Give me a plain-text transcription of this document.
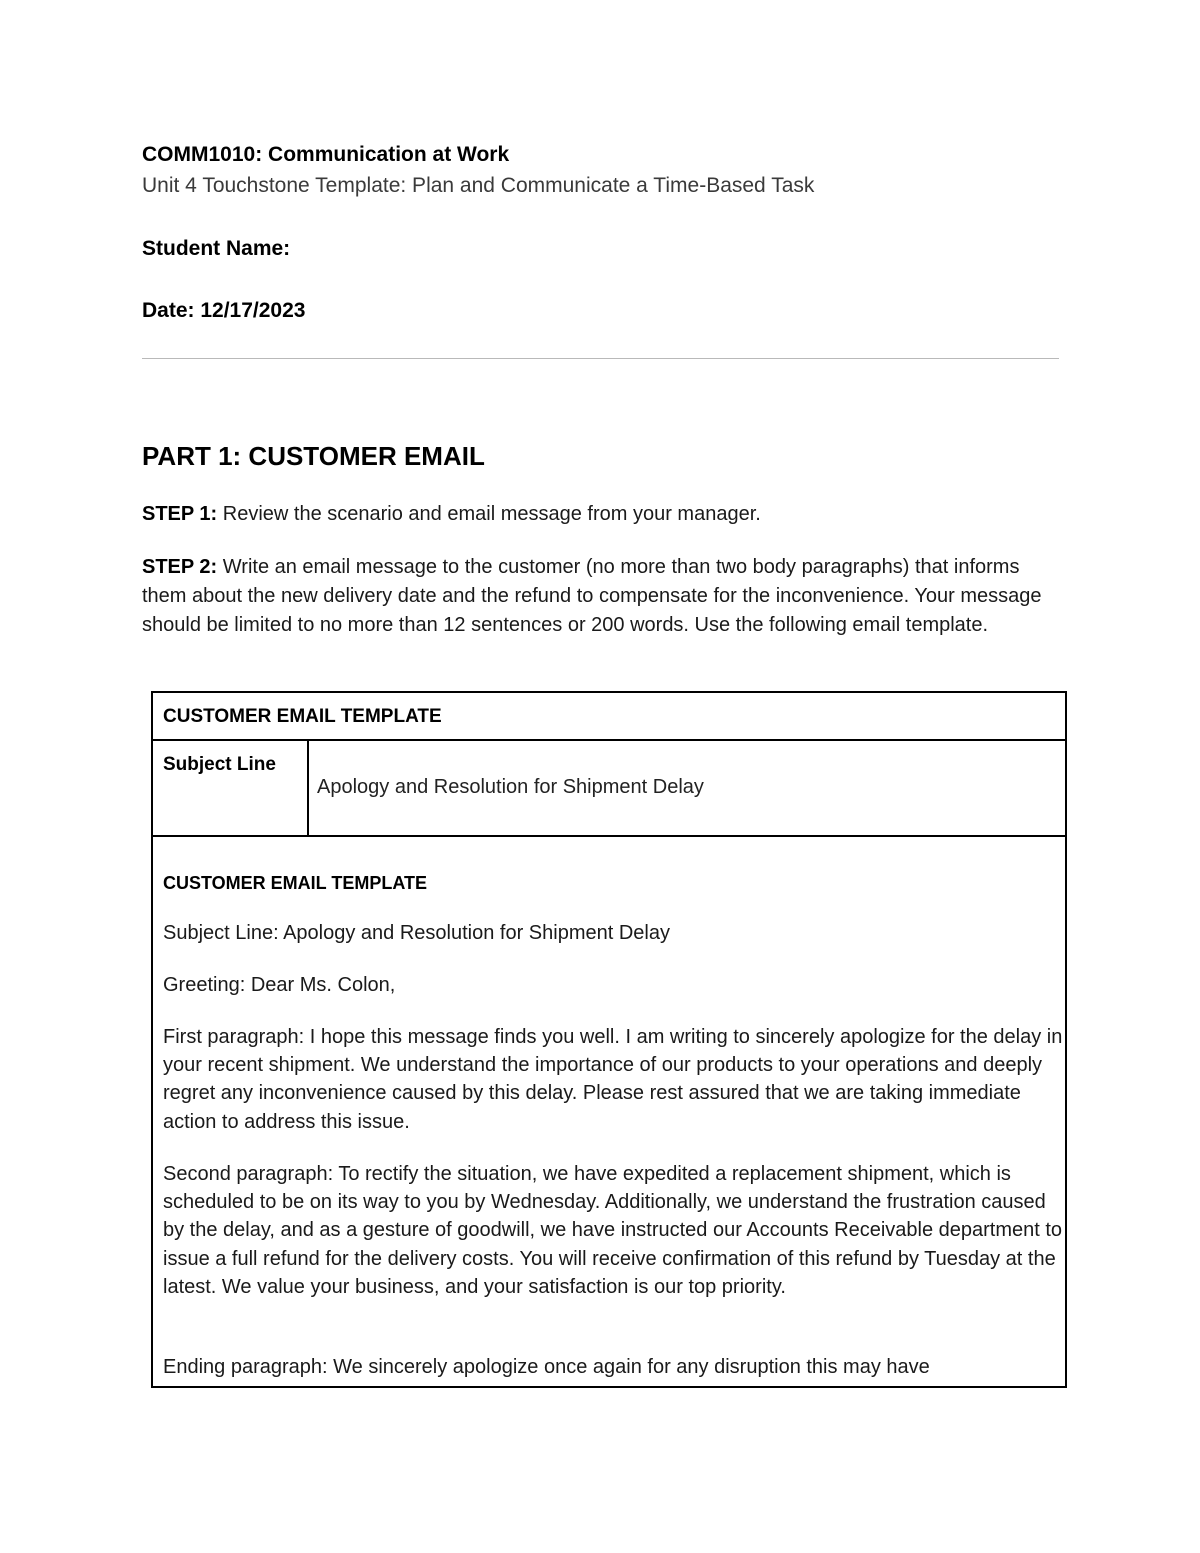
COMM1010: Communication at Work
Unit 4 Touchstone Template: Plan and Communicate a Time-Based Task
Student Name:
Date: 12/17/2023
PART 1: CUSTOMER EMAIL
STEP 1: Review the scenario and email message from your manager.
STEP 2: Write an email message to the customer (no more than two body paragraphs) that informs them about the new delivery date and the refund to compensate for the inconvenience. Your message should be limited to no more than 12 sentences or 200 words. Use the following email template.
CUSTOMER EMAIL TEMPLATE
Subject Line
Apology and Resolution for Shipment Delay
CUSTOMER EMAIL TEMPLATE
Subject Line: Apology and Resolution for Shipment Delay
Greeting: Dear Ms. Colon,
First paragraph: I hope this message finds you well. I am writing to sincerely apologize for the delay in your recent shipment. We understand the importance of our products to your operations and deeply regret any inconvenience caused by this delay. Please rest assured that we are taking immediate action to address this issue.
Second paragraph: To rectify the situation, we have expedited a replacement shipment, which is scheduled to be on its way to you by Wednesday. Additionally, we understand the frustration caused by the delay, and as a gesture of goodwill, we have instructed our Accounts Receivable department to issue a full refund for the delivery costs. You will receive confirmation of this refund by Tuesday at the latest. We value your business, and your satisfaction is our top priority.
Ending paragraph: We sincerely apologize once again for any disruption this may have
